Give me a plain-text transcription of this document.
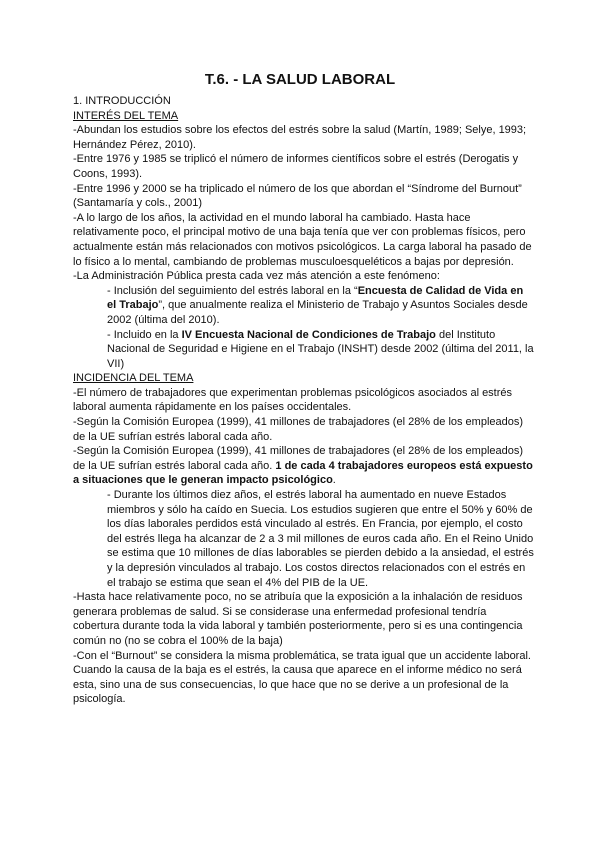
T.6. - LA SALUD LABORAL

1. INTRODUCCIÓN

INTERÉS DEL TEMA

-Abundan los estudios sobre los efectos del estrés sobre la salud (Martín, 1989; Selye, 1993; Hernández Pérez, 2010).

-Entre 1976 y 1985 se triplicó el número de informes científicos sobre el estrés (Derogatis y Coons, 1993).

-Entre 1996 y 2000 se ha triplicado el número de los que abordan el “Síndrome del Burnout” (Santamaría y cols., 2001)

-A lo largo de los años, la actividad en el mundo laboral ha cambiado. Hasta hace relativamente poco, el principal motivo de una baja tenía que ver con problemas físicos, pero actualmente están más relacionados con motivos psicológicos. La carga laboral ha pasado de lo físico a lo mental, cambiando de problemas musculoesqueléticos a bajas por depresión.

-La Administración Pública presta cada vez más atención a este fenómeno:

- Inclusión del seguimiento del estrés laboral en la “Encuesta de Calidad de Vida en el Trabajo”, que anualmente realiza el Ministerio de Trabajo y Asuntos Sociales desde 2002 (última del 2010).

- Incluido en la IV Encuesta Nacional de Condiciones de Trabajo del Instituto Nacional de Seguridad e Higiene en el Trabajo (INSHT) desde 2002 (última del 2011, la VII)

INCIDENCIA DEL TEMA

-El número de trabajadores que experimentan problemas psicológicos asociados al estrés laboral aumenta rápidamente en los países occidentales.

-Según la Comisión Europea (1999), 41 millones de trabajadores (el 28% de los empleados) de la UE sufrían estrés laboral cada año.

-Según la Comisión Europea (1999), 41 millones de trabajadores (el 28% de los empleados) de la UE sufrían estrés laboral cada año. 1 de cada 4 trabajadores europeos está expuesto a situaciones que le generan impacto psicológico.

- Durante los últimos diez años, el estrés laboral ha aumentado en nueve Estados miembros y sólo ha caído en Suecia. Los estudios sugieren que entre el 50% y 60% de los días laborales perdidos está vinculado al estrés. En Francia, por ejemplo, el costo del estrés llega ha alcanzar de 2 a 3 mil millones de euros cada año. En el Reino Unido se estima que 10 millones de días laborables se pierden debido a la ansiedad, el estrés y la depresión vinculados al trabajo. Los costos directos relacionados con el estrés en el trabajo se estima que sean el 4% del PIB de la UE.

-Hasta hace relativamente poco, no se atribuía que la exposición a la inhalación de residuos generara problemas de salud. Si se considerase una enfermedad profesional tendría cobertura durante toda la vida laboral y también posteriormente, pero si es una contingencia común no (no se cobra el 100% de la baja)

-Con el “Burnout” se considera la misma problemática, se trata igual que un accidente laboral. Cuando la causa de la baja es el estrés, la causa que aparece en el informe médico no será esta, sino una de sus consecuencias, lo que hace que no se derive a un profesional de la psicología.
